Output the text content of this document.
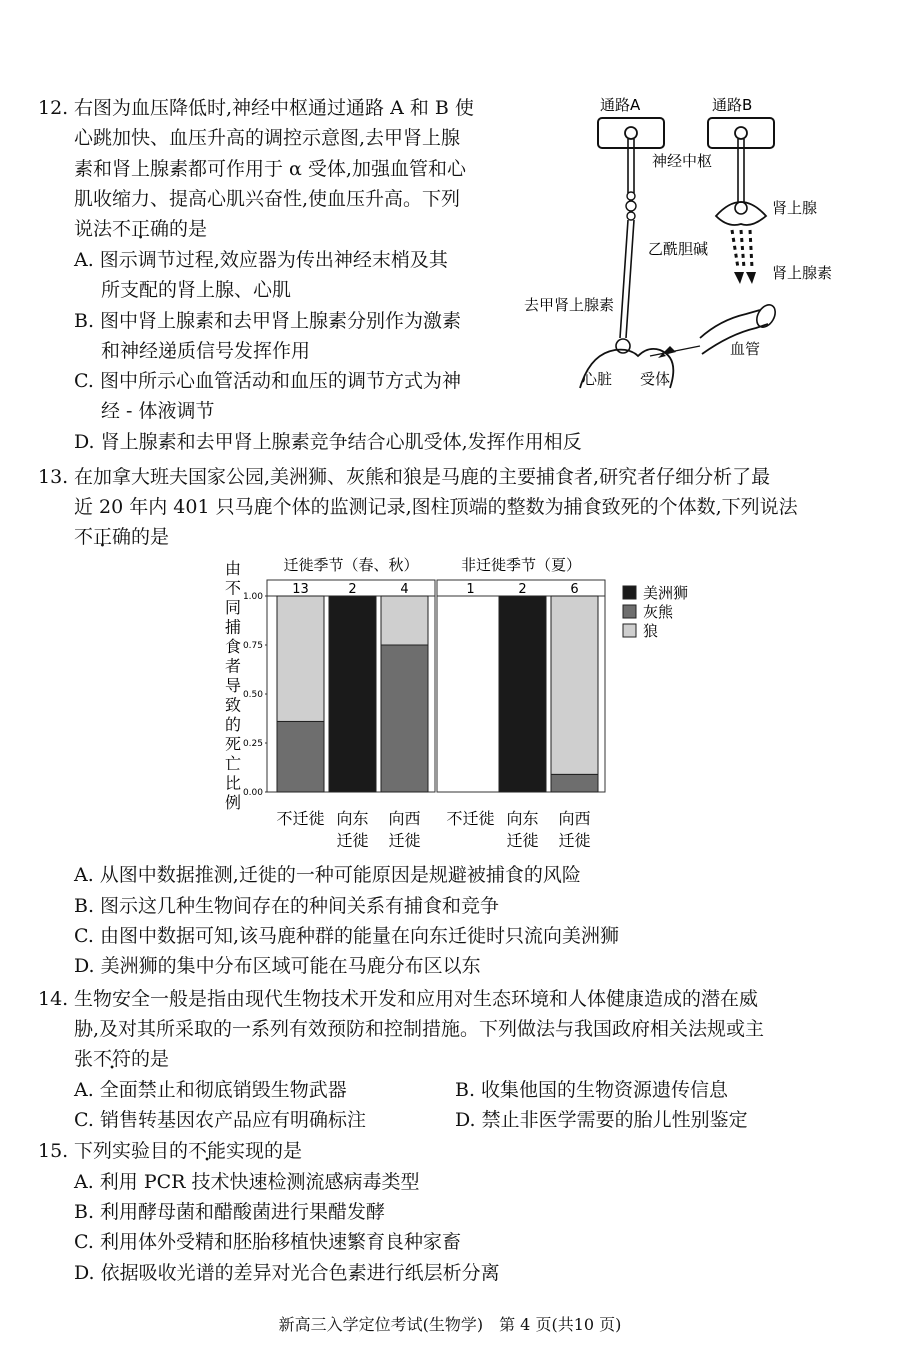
12. 右图为血压降低时,神经中枢通过通路 A 和 B 使
心跳加快、血压升高的调控示意图,去甲肾上腺
素和肾上腺素都可作用于 α 受体,加强血管和心
肌收缩力、提高心肌兴奋性,使血压升高。下列
说法不正确的是
A. 图示调节过程,效应器为传出神经末梢及其
所支配的肾上腺、心肌
B. 图中肾上腺素和去甲肾上腺素分别作为激素
和神经递质信号发挥作用
C. 图中所示心血管活动和血压的调节方式为神
经 - 体液调节
D. 肾上腺素和去甲肾上腺素竞争结合心肌受体,发挥作用相反
通路A	通路B
神经中枢
肾上腺
乙酰胆碱
肾上腺素
血管
去甲肾上腺素
心脏 受体
13. 在加拿大班夫国家公园,美洲狮、灰熊和狼是马鹿的主要捕食者,研究者仔细分析了最
近 20 年内 401 只马鹿个体的监测记录,图柱顶端的整数为捕食致死的个体数,下列说法
不正确的是
由
不
同
捕
食
者
导
致
的
死
亡
比
例
迁徙季节（春、秋）
13
不迁徙
2
向东
迁徙
4
向西
迁徙
非迁徙季节（夏）
1
不迁徙
2
向东
迁徙
6
向西
迁徙
0.00
0.25
0.50
0.75
1.00	美洲狮
灰熊
狼
A. 从图中数据推测,迁徙的一种可能原因是规避被捕食的风险
B. 图示这几种生物间存在的种间关系有捕食和竞争
C. 由图中数据可知,该马鹿种群的能量在向东迁徙时只流向美洲狮
D. 美洲狮的集中分布区域可能在马鹿分布区以东
14. 生物安全一般是指由现代生物技术开发和应用对生态环境和人体健康造成的潜在威
胁,及对其所采取的一系列有效预防和控制措施。下列做法与我国政府相关法规或主
张不符的是
A. 全面禁止和彻底销毁生物武器	B. 收集他国的生物资源遗传信息
C. 销售转基因农产品应有明确标注	D. 禁止非医学需要的胎儿性别鉴定
15. 下列实验目的不能实现的是
A. 利用 PCR 技术快速检测流感病毒类型
B. 利用酵母菌和醋酸菌进行果醋发酵
C. 利用体外受精和胚胎移植快速繁育良种家畜
D. 依据吸收光谱的差异对光合色素进行纸层析分离
新高三入学定位考试(生物学)　第 4 页(共10 页)
